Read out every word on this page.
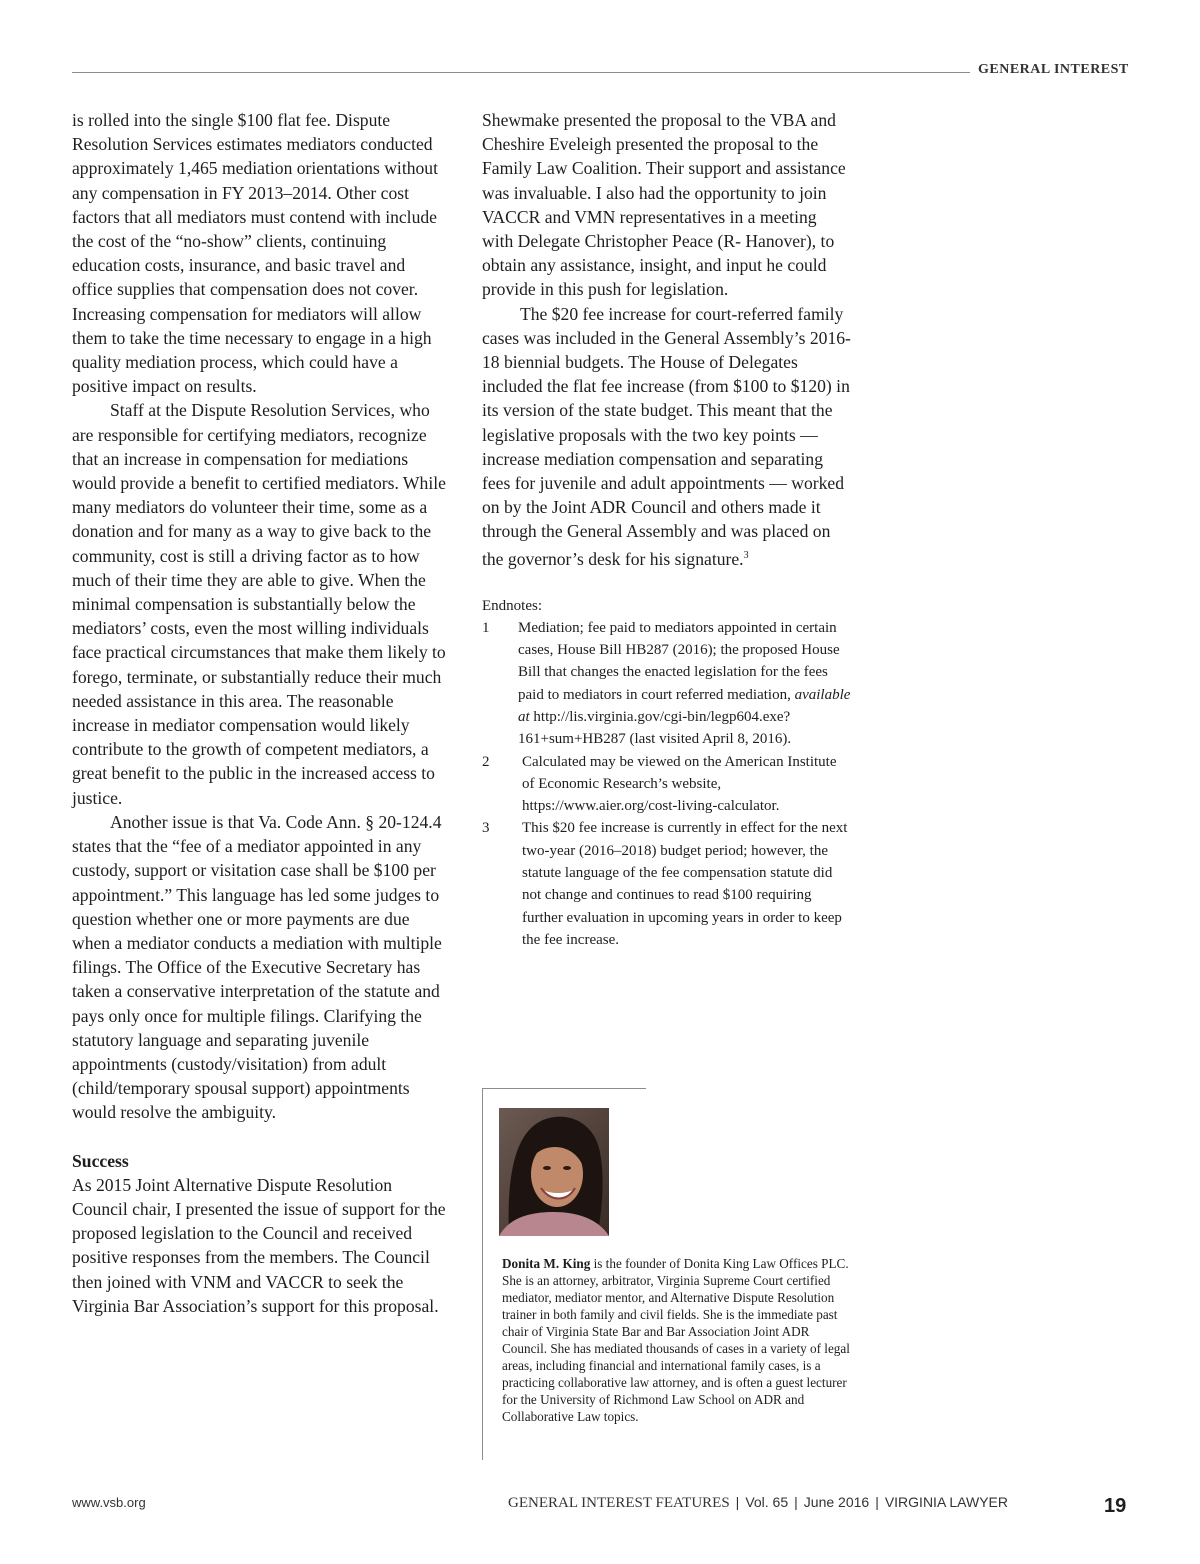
GENERAL INTEREST

is rolled into the single $100 flat fee. Dispute Resolution Services estimates mediators conducted approximately 1,465 mediation orientations without any compensation in FY 2013–2014. Other cost factors that all mediators must contend with include the cost of the “no-show” clients, continuing education costs, insurance, and basic travel and office supplies that compensation does not cover. Increasing compensation for mediators will allow them to take the time necessary to engage in a high quality mediation process, which could have a positive impact on results.

Staff at the Dispute Resolution Services, who are responsible for certifying mediators, recognize that an increase in compensation for mediations would provide a benefit to certified mediators. While many mediators do volunteer their time, some as a donation and for many as a way to give back to the community, cost is still a driving factor as to how much of their time they are able to give. When the minimal compensation is substantially below the mediators’ costs, even the most willing individuals face practical circumstances that make them likely to forego, terminate, or substantially reduce their much needed assistance in this area. The reasonable increase in mediator compensation would likely contribute to the growth of competent mediators, a great benefit to the public in the increased access to justice.

Another issue is that Va. Code Ann. § 20-124.4 states that the “fee of a mediator appointed in any custody, support or visitation case shall be $100 per appointment.” This language has led some judges to question whether one or more payments are due when a mediator conducts a mediation with multiple filings. The Office of the Executive Secretary has taken a conservative interpretation of the statute and pays only once for multiple filings. Clarifying the statutory language and separating juvenile appointments (custody/visitation) from adult (child/temporary spousal support) appointments would resolve the ambiguity.

Success

As 2015 Joint Alternative Dispute Resolution Council chair, I presented the issue of support for the proposed legislation to the Council and received positive responses from the members. The Council then joined with VNM and VACCR to seek the Virginia Bar Association’s support for this proposal.

Shewmake presented the proposal to the VBA and Cheshire Eveleigh presented the proposal to the Family Law Coalition. Their support and assistance was invaluable. I also had the opportunity to join VACCR and VMN representatives in a meeting with Delegate Christopher Peace (R- Hanover), to obtain any assistance, insight, and input he could provide in this push for legislation.

The $20 fee increase for court-referred family cases was included in the General Assembly’s 2016-18 biennial budgets. The House of Delegates included the flat fee increase (from $100 to $120) in its version of the state budget. This meant that the legislative proposals with the two key points — increase mediation compensation and separating fees for juvenile and adult appointments — worked on by the Joint ADR Council and others made it through the General Assembly and was placed on the governor’s desk for his signature.$^3$

Endnotes:

1	Mediation; fee paid to mediators appointed in certain cases, House Bill HB287 (2016); the proposed House Bill that changes the enacted legislation for the fees paid to mediators in court referred mediation, available at http://lis.virginia.gov/cgi-bin/legp604.exe?161+sum+HB287 (last visited April 8, 2016).
2	Calculated may be viewed on the American Institute of Economic Research’s website, https://www.aier.org/cost-living-calculator.
3	This $20 fee increase is currently in effect for the next two-year (2016–2018) budget period; however, the statute language of the fee compensation statute did not change and continues to read $100 requiring further evaluation in upcoming years in order to keep the fee increase.
Donita M. King is the founder of Donita King Law Offices PLC. She is an attorney, arbitrator, Virginia Supreme Court certified mediator, mediator mentor, and Alternative Dispute Resolution trainer in both family and civil fields. She is the immediate past chair of Virginia State Bar and Bar Association Joint ADR Council. She has mediated thousands of cases in a variety of legal areas, including financial and international family cases, is a practicing collaborative law attorney, and is often a guest lecturer for the University of Richmond Law School on ADR and Collaborative Law topics.
www.vsb.org	GENERAL INTEREST FEATURES | Vol. 65 | June 2016 | VIRGINIA LAWYER	19
